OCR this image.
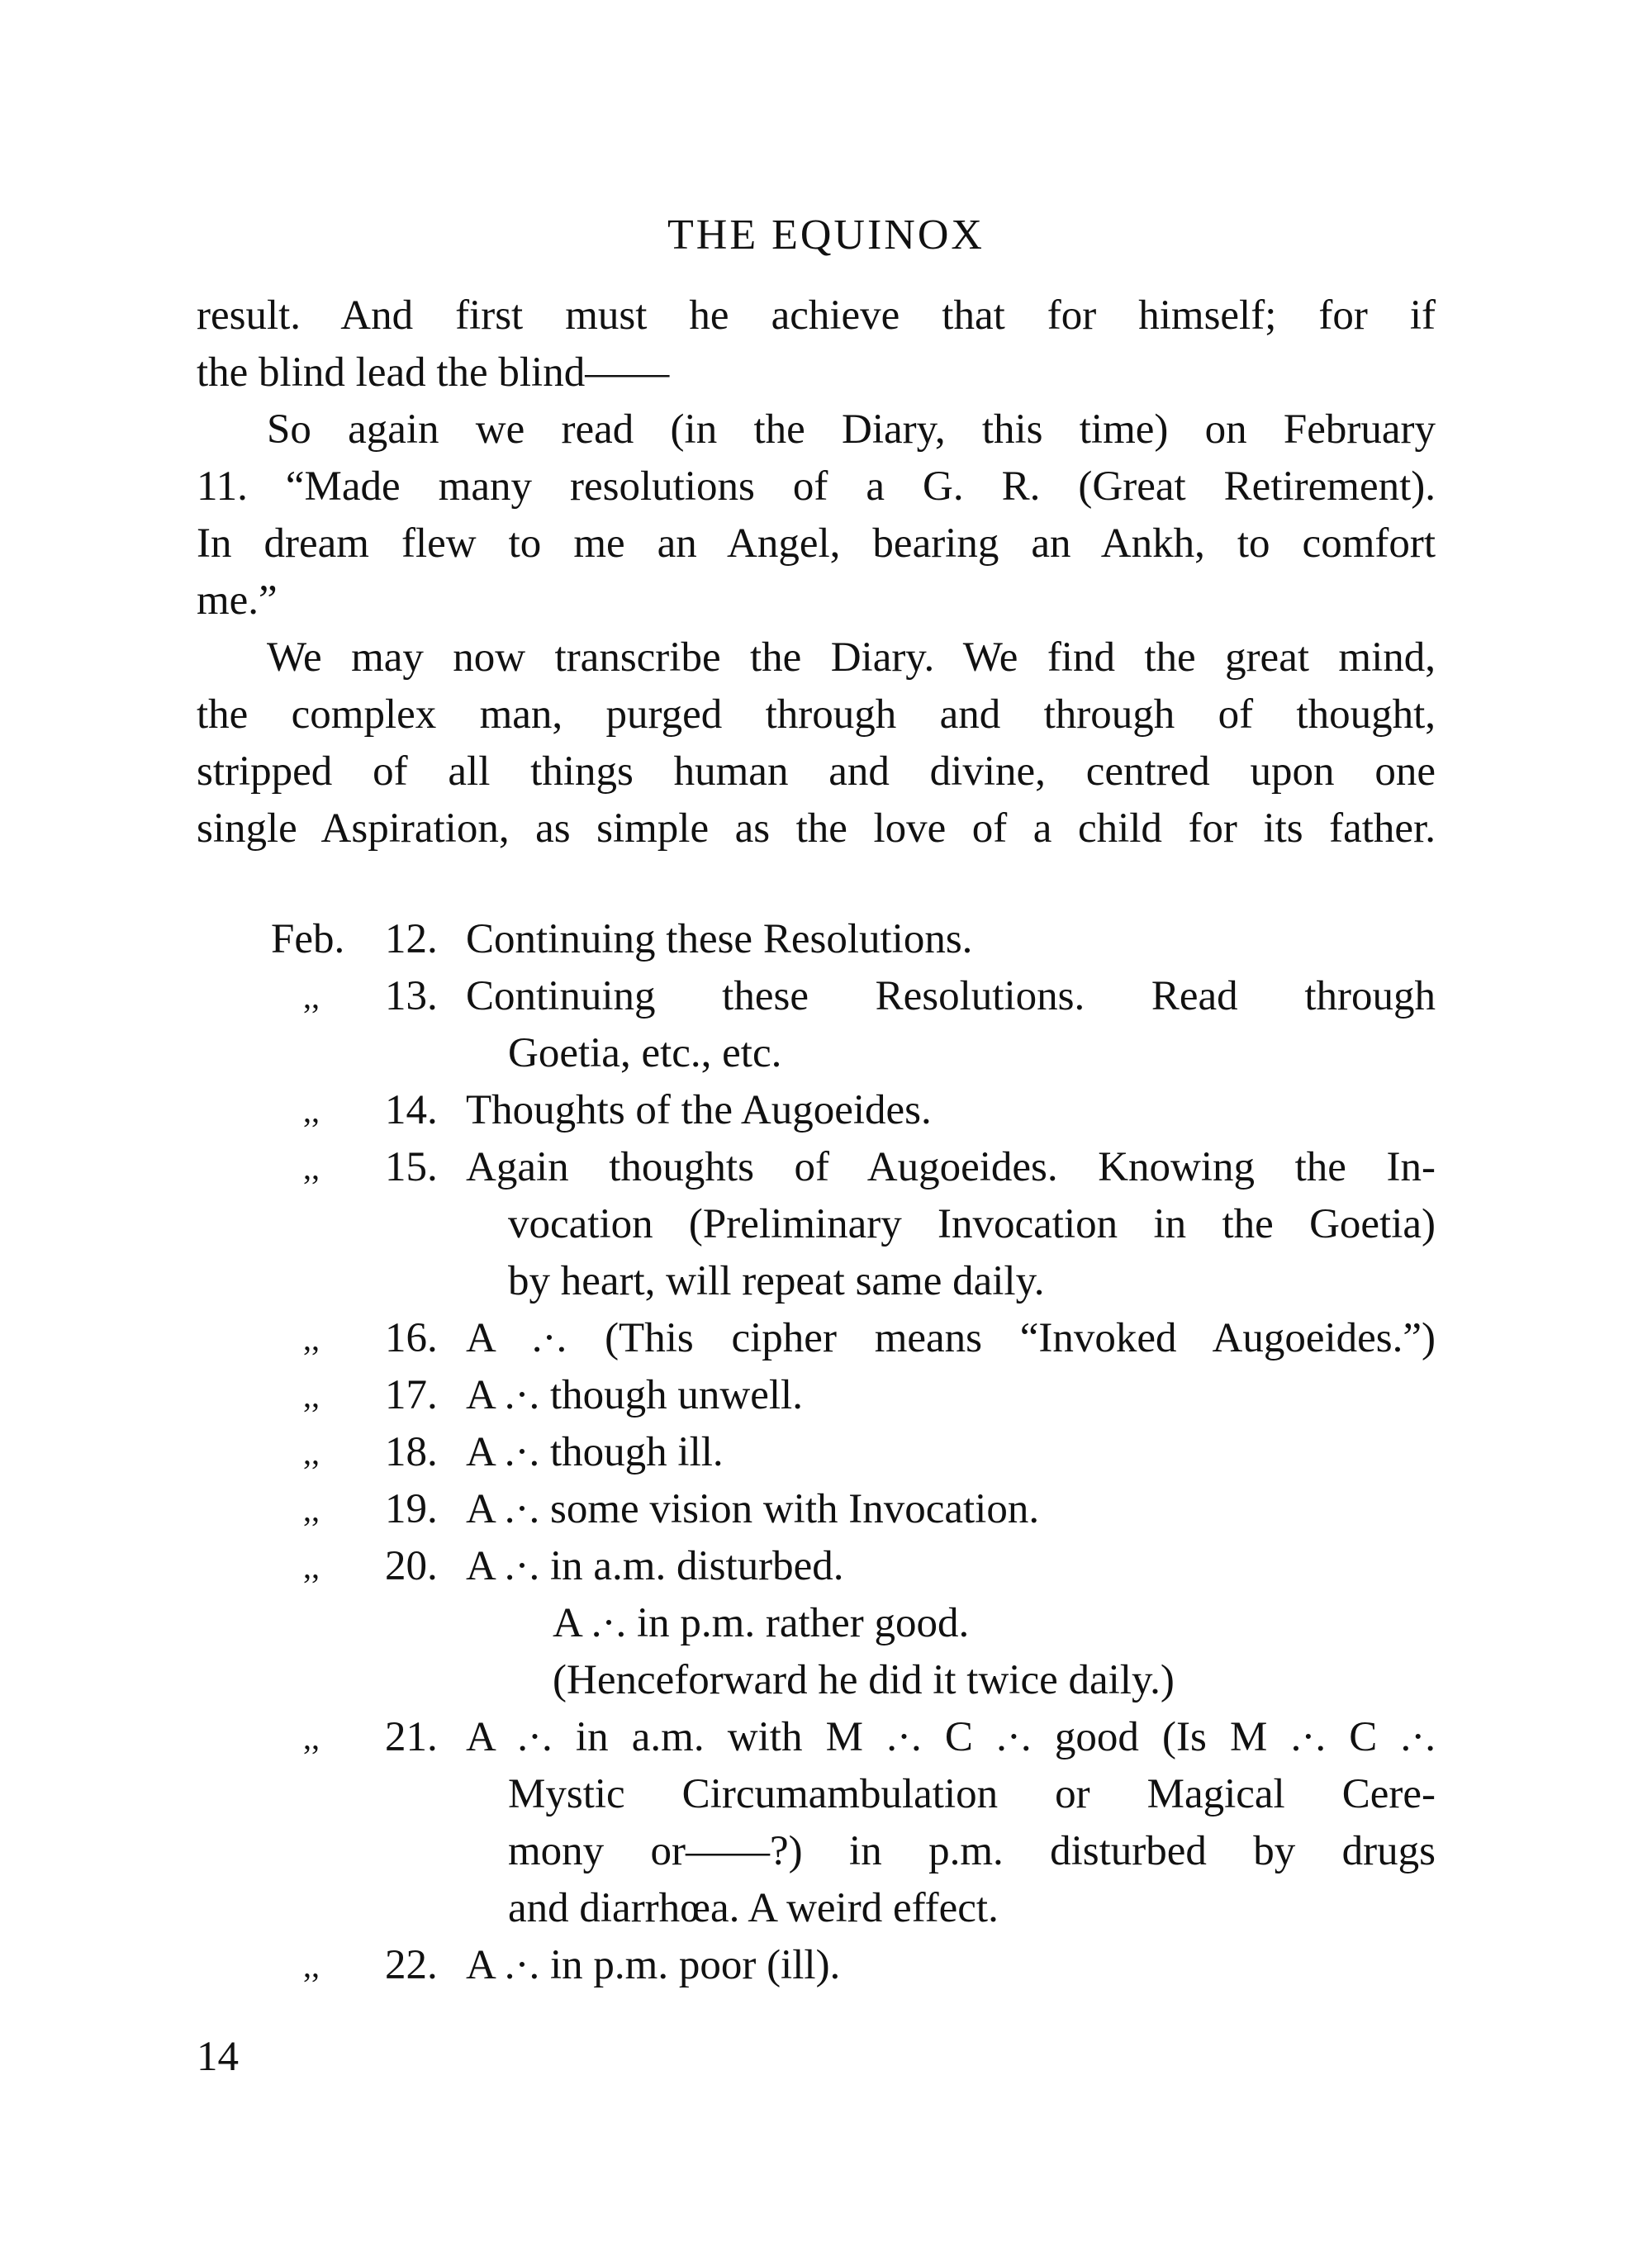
THE EQUINOX
result. And first must he achieve that for himself; for if
the blind lead the blind——
So again we read (in the Diary, this time) on February
11. “Made many resolutions of a G. R. (Great Retirement).
In dream flew to me an Angel, bearing an Ankh, to comfort
me.”
We may now transcribe the Diary. We find the great mind,
the complex man, purged through and through of thought,
stripped of all things human and divine, centred upon one
single Aspiration, as simple as the love of a child for its father.
Feb. 12. Continuing these Resolutions.
,, 13. Continuing these Resolutions. Read through
Goetia, etc., etc.
,, 14. Thoughts of the Augoeides.
,, 15. Again thoughts of Augoeides. Knowing the In-
vocation (Preliminary Invocation in the Goetia)
by heart, will repeat same daily.
,, 16. A .·. (This cipher means “Invoked Augoeides.”)
,, 17. A .·. though unwell.
,, 18. A .·. though ill.
,, 19. A .·. some vision with Invocation.
,, 20. A .·. in a.m. disturbed.
A .·. in p.m. rather good.
(Henceforward he did it twice daily.)
,, 21. A .·. in a.m. with M .·. C .·. good (Is M .·. C .·.
Mystic Circumambulation or Magical Cere-
mony or——?) in p.m. disturbed by drugs
and diarrhœa. A weird effect.
,, 22. A .·. in p.m. poor (ill).
14
